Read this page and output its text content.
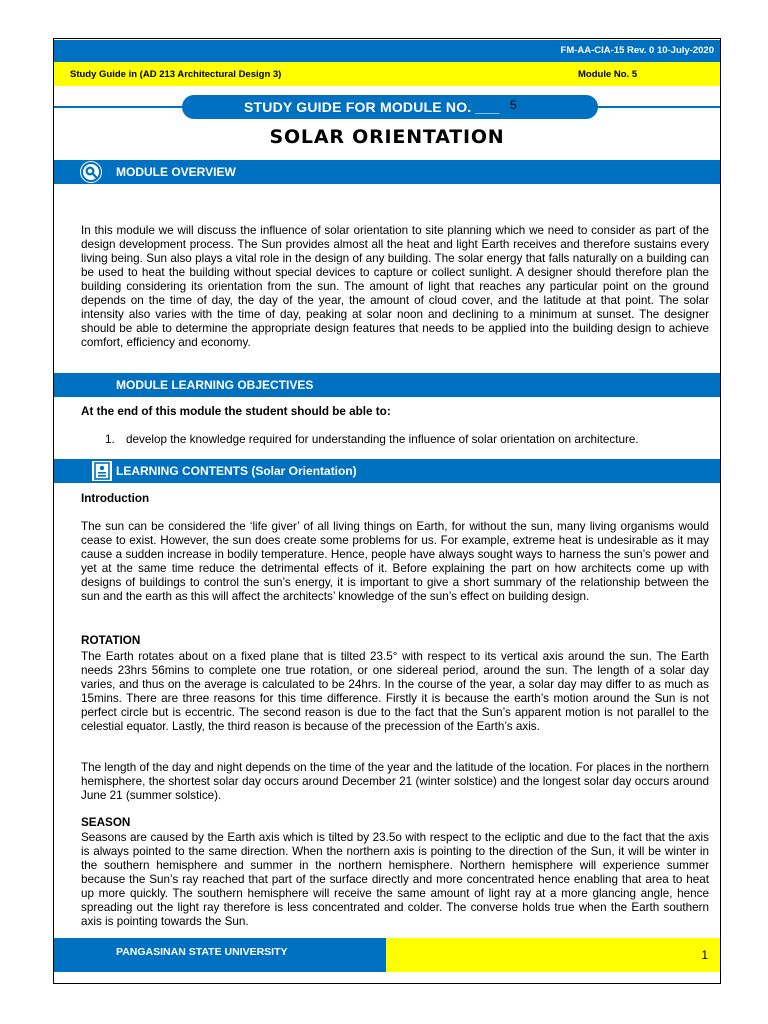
FM-AA-CIA-15 Rev. 0 10-July-2020
Study Guide in (AD 213 Architectural Design 3)	Module No. 5
STUDY GUIDE FOR MODULE NO. ___ 5
SOLAR ORIENTATION
MODULE OVERVIEW
In this module we will discuss the influence of solar orientation to site planning which we need to consider as part of the design development process. The Sun provides almost all the heat and light Earth receives and therefore sustains every living being. Sun also plays a vital role in the design of any building. The solar energy that falls naturally on a building can be used to heat the building without special devices to capture or collect sunlight. A designer should therefore plan the building considering its orientation from the sun. The amount of light that reaches any particular point on the ground depends on the time of day, the day of the year, the amount of cloud cover, and the latitude at that point. The solar intensity also varies with the time of day, peaking at solar noon and declining to a minimum at sunset. The designer should be able to determine the appropriate design features that needs to be applied into the building design to achieve comfort, efficiency and economy.
MODULE LEARNING OBJECTIVES
At the end of this module the student should be able to:
1. develop the knowledge required for understanding the influence of solar orientation on architecture.
LEARNING CONTENTS (Solar Orientation)
Introduction
The sun can be considered the ‘life giver’ of all living things on Earth, for without the sun, many living organisms would cease to exist. However, the sun does create some problems for us. For example, extreme heat is undesirable as it may cause a sudden increase in bodily temperature. Hence, people have always sought ways to harness the sun’s power and yet at the same time reduce the detrimental effects of it. Before explaining the part on how architects come up with designs of buildings to control the sun’s energy, it is important to give a short summary of the relationship between the sun and the earth as this will affect the architects’ knowledge of the sun’s effect on building design.
ROTATION
The Earth rotates about on a fixed plane that is tilted 23.5° with respect to its vertical axis around the sun. The Earth needs 23hrs 56mins to complete one true rotation, or one sidereal period, around the sun. The length of a solar day varies, and thus on the average is calculated to be 24hrs. In the course of the year, a solar day may differ to as much as 15mins. There are three reasons for this time difference. Firstly it is because the earth’s motion around the Sun is not perfect circle but is eccentric. The second reason is due to the fact that the Sun’s apparent motion is not parallel to the celestial equator. Lastly, the third reason is because of the precession of the Earth’s axis.
The length of the day and night depends on the time of the year and the latitude of the location. For places in the northern hemisphere, the shortest solar day occurs around December 21 (winter solstice) and the longest solar day occurs around June 21 (summer solstice).
SEASON
Seasons are caused by the Earth axis which is tilted by 23.5o with respect to the ecliptic and due to the fact that the axis is always pointed to the same direction. When the northern axis is pointing to the direction of the Sun, it will be winter in the southern hemisphere and summer in the northern hemisphere. Northern hemisphere will experience summer because the Sun’s ray reached that part of the surface directly and more concentrated hence enabling that area to heat up more quickly. The southern hemisphere will receive the same amount of light ray at a more glancing angle, hence spreading out the light ray therefore is less concentrated and colder. The converse holds true when the Earth southern axis is pointing towards the Sun.
PANGASINAN STATE UNIVERSITY	1
